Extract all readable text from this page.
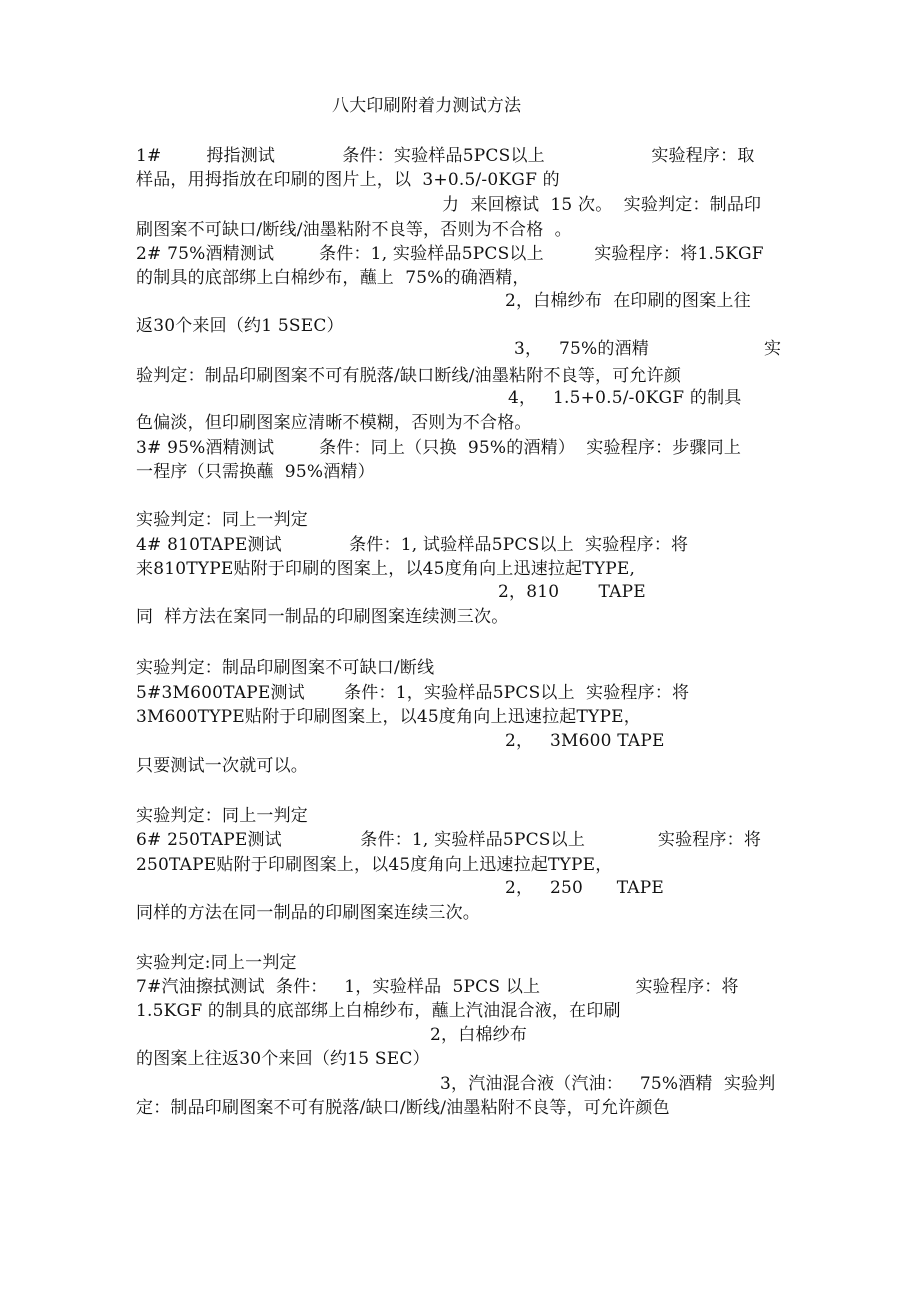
八大印刷附着力测试方法
1#        拇指测试            条件：实验样品5PCS以上                   实验程序：取
样品，用拇指放在印刷的图片上，以  3+0.5/-0KGF 的
力  来回檫试  15 次。  实验判定：制品印
刷图案不可缺口/断线/油墨粘附不良等，否则为不合格  。
2# 75%酒精测试        条件：1, 实验样品5PCS以上         实验程序：将1.5KGF
的制具的底部绑上白棉纱布，蘸上  75%的确酒精，
2，白棉纱布  在印刷的图案上往
返30个来回（约1 5SEC）
3，   75%的酒精	实
验判定：制品印刷图案不可有脱落/缺口断线/油墨粘附不良等，可允许颜
4，   1.5+0.5/-0KGF 的制具
色偏淡，但印刷图案应清晰不模糊，否则为不合格。
3# 95%酒精测试        条件：同上（只换  95%的酒精）  实验程序：步骤同上
一程序（只需换蘸  95%酒精）
实验判定：同上一判定
4# 810TAPE测试            条件：1, 试验样品5PCS以上  实验程序：将
来810TYPE贴附于印刷的图案上，以45度角向上迅速拉起TYPE,
2，810       TAPE
同  样方法在案同一制品的印刷图案连续测三次。
实验判定：制品印刷图案不可缺口/断线
5#3M600TAPE测试       条件：1，实验样品5PCS以上  实验程序：将
3M600TYPE贴附于印刷图案上，以45度角向上迅速拉起TYPE，
2，   3M600 TAPE
只要测试一次就可以。
实验判定：同上一判定
6# 250TAPE测试              条件：1, 实验样品5PCS以上             实验程序：将
250TAPE贴附于印刷图案上，以45度角向上迅速拉起TYPE，
2，   250      TAPE
同样的方法在同一制品的印刷图案连续三次。
实验判定:同上一判定
7#汽油擦拭测试  条件：   1，实验样品  5PCS 以上                 实验程序：将
1.5KGF 的制具的底部绑上白棉纱布，蘸上汽油混合液，在印刷
2，白棉纱布
的图案上往返30个来回（约15 SEC）
3，汽油混合液（汽油：   75%酒精  实验判
定：制品印刷图案不可有脱落/缺口/断线/油墨粘附不良等，可允许颜色
